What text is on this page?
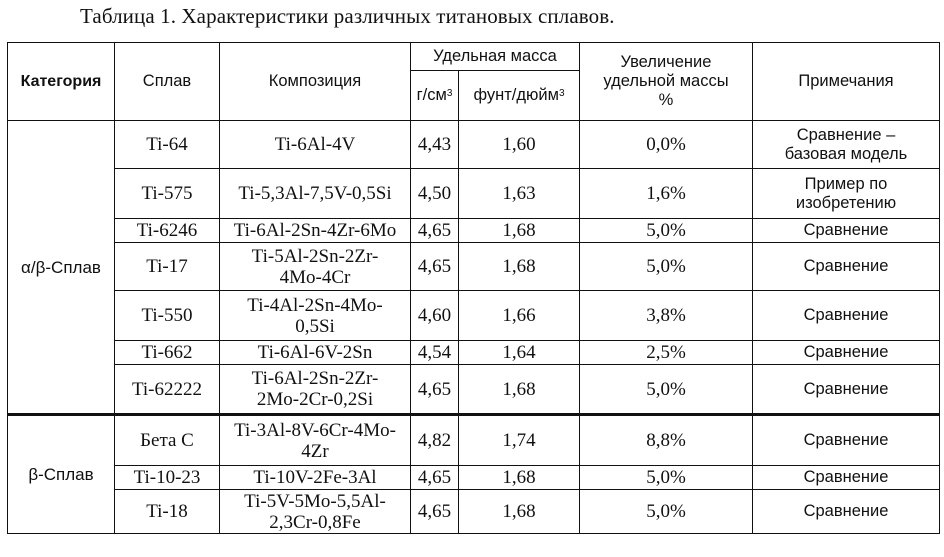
Таблица 1. Характеристики различных титановых сплавов.
Категория	Сплав	Композиция	Удельная масса		Увеличение
удельной массы
%	Примечания
			$г/см^3$	фунт/дюйм$^3$
α/β-Сплав	Ti-64	Ti-6Al-4V	4,43	1,60	0,0%	Сравнение –
базовая модель
	Ti-575	Ti-5,3Al-7,5V-0,5Si	4,50	1,63	1,6%	Пример по
изобретению
	Ti-6246	Ti-6Al-2Sn-4Zr-6Mo	4,65	1,68	5,0%	Сравнение
	Ti-17	Ti-5Al-2Sn-2Zr-
4Mo-4Cr	4,65	1,68	5,0%	Сравнение
	Ti-550	Ti-4Al-2Sn-4Mo-
0,5Si	4,60	1,66	3,8%	Сравнение
	Ti-662	Ti-6Al-6V-2Sn	4,54	1,64	2,5%	Сравнение
	Ti-62222	Ti-6Al-2Sn-2Zr-
2Mo-2Cr-0,2Si	4,65	1,68	5,0%	Сравнение
β-Сплав	Бета С	Ti-3Al-8V-6Cr-4Mo-
4Zr	4,82	1,74	8,8%	Сравнение
	Ti-10-23	Ti-10V-2Fe-3Al	4,65	1,68	5,0%	Сравнение
	Ti-18	Ti-5V-5Mo-5,5Al-
2,3Cr-0,8Fe	4,65	1,68	5,0%	Сравнение
